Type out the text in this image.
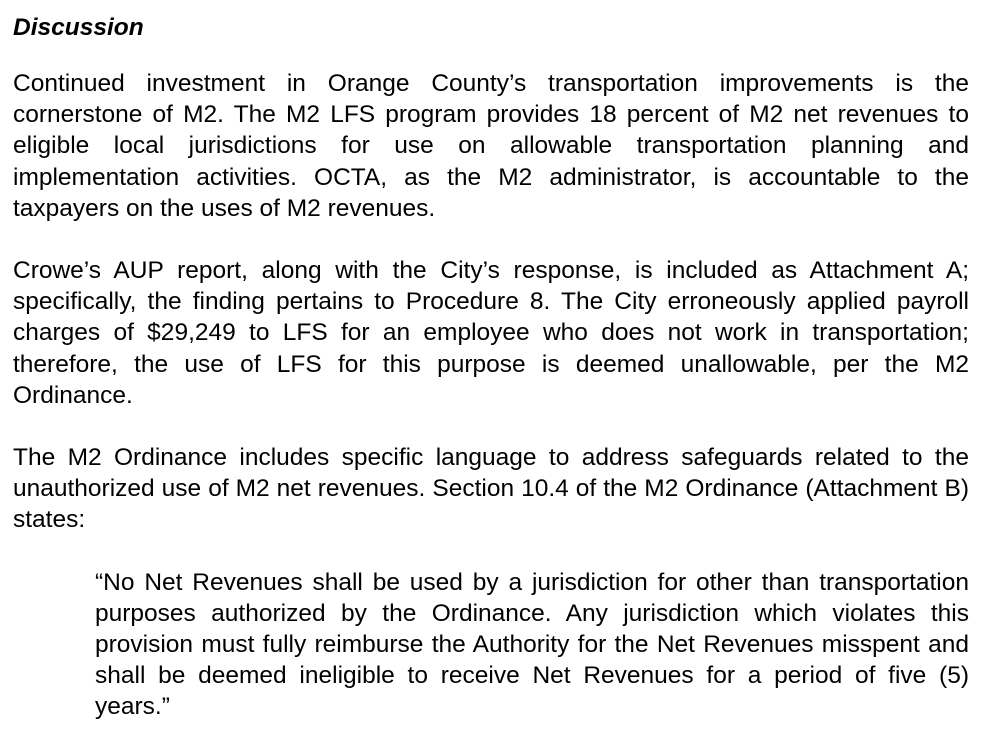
Discussion

Continued investment in Orange County’s transportation improvements is the cornerstone of M2. The M2 LFS program provides 18 percent of M2 net revenues to eligible local jurisdictions for use on allowable transportation planning and implementation activities. OCTA, as the M2 administrator, is accountable to the taxpayers on the uses of M2 revenues.

Crowe’s AUP report, along with the City’s response, is included as Attachment A; specifically, the finding pertains to Procedure 8. The City erroneously applied payroll charges of $29,249 to LFS for an employee who does not work in transportation; therefore, the use of LFS for this purpose is deemed unallowable, per the M2 Ordinance.

The M2 Ordinance includes specific language to address safeguards related to the unauthorized use of M2 net revenues. Section 10.4 of the M2 Ordinance (Attachment B) states:

“No Net Revenues shall be used by a jurisdiction for other than transportation purposes authorized by the Ordinance. Any jurisdiction which violates this provision must fully reimburse the Authority for the Net Revenues misspent and shall be deemed ineligible to receive Net Revenues for a period of five (5) years.”
